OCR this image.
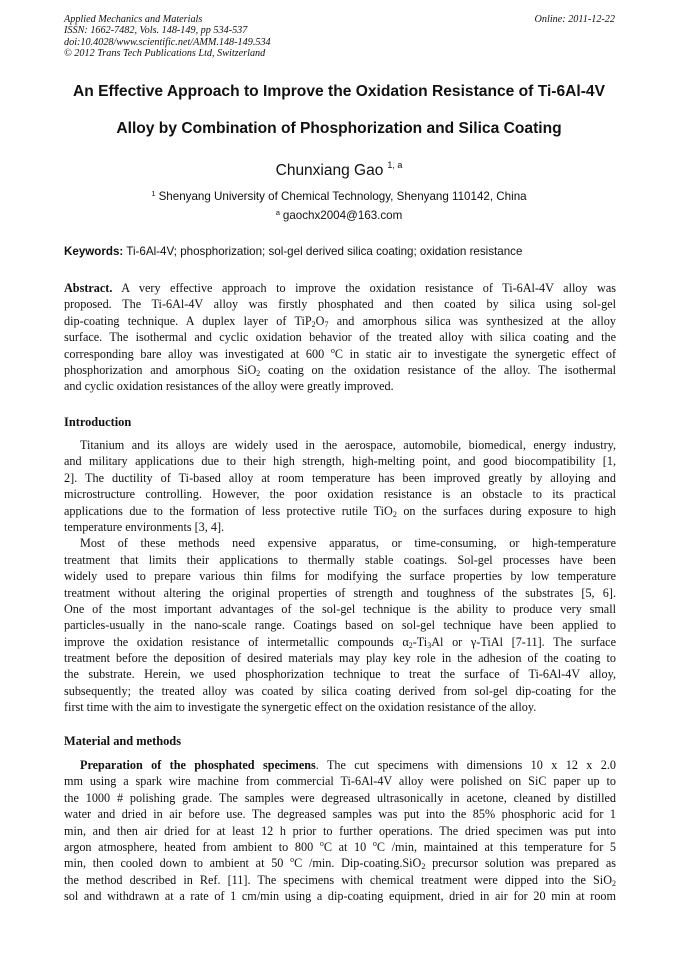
Applied Mechanics and Materials
ISSN: 1662-7482, Vols. 148-149, pp 534-537
doi:10.4028/www.scientific.net/AMM.148-149.534
© 2012 Trans Tech Publications Ltd, Switzerland
Online: 2011-12-22
An Effective Approach to Improve the Oxidation Resistance of Ti-6Al-4V
Alloy by Combination of Phosphorization and Silica Coating
Chunxiang Gao $^{1, a}$
$^1$ Shenyang University of Chemical Technology, Shenyang 110142, China
$^a$ gaochx2004@163.com
Keywords: Ti-6Al-4V; phosphorization; sol-gel derived silica coating; oxidation resistance
Abstract. A very effective approach to improve the oxidation resistance of Ti-6Al-4V alloy was
proposed. The Ti-6Al-4V alloy was firstly phosphated and then coated by silica using sol-gel
dip-coating technique. A duplex layer of $TiP_2O_7$ and amorphous silica was synthesized at the alloy
surface. The isothermal and cyclic oxidation behavior of the treated alloy with silica coating and the
corresponding bare alloy was investigated at 600 $^o$C in static air to investigate the synergetic effect of
phosphorization and amorphous SiO$_2$ coating on the oxidation resistance of the alloy. The isothermal
and cyclic oxidation resistances of the alloy were greatly improved.
Introduction
Titanium and its alloys are widely used in the aerospace, automobile, biomedical, energy industry,
and military applications due to their high strength, high-melting point, and good biocompatibility [1,
2]. The ductility of Ti-based alloy at room temperature has been improved greatly by alloying and
microstructure controlling. However, the poor oxidation resistance is an obstacle to its practical
applications due to the formation of less protective rutile TiO$_2$ on the surfaces during exposure to high
temperature environments [3, 4].
Most of these methods need expensive apparatus, or time-consuming, or high-temperature
treatment that limits their applications to thermally stable coatings. Sol-gel processes have been
widely used to prepare various thin films for modifying the surface properties by low temperature
treatment without altering the original properties of strength and toughness of the substrates [5, 6].
One of the most important advantages of the sol-gel technique is the ability to produce very small
particles-usually in the nano-scale range. Coatings based on sol-gel technique have been applied to
improve the oxidation resistance of intermetallic compounds $\alpha_2-Ti_3Al$ or γ-TiAl [7-11]. The surface
treatment before the deposition of desired materials may play key role in the adhesion of the coating to
the substrate. Herein, we used phosphorization technique to treat the surface of Ti-6Al-4V alloy,
subsequently; the treated alloy was coated by silica coating derived from sol-gel dip-coating for the
first time with the aim to investigate the synergetic effect on the oxidation resistance of the alloy.
Material and methods
Preparation of the phosphated specimens. The cut specimens with dimensions 10 x 12 x 2.0
mm using a spark wire machine from commercial Ti-6Al-4V alloy were polished on SiC paper up to
the 1000 # polishing grade. The samples were degreased ultrasonically in acetone, cleaned by distilled
water and dried in air before use. The degreased samples was put into the 85% phosphoric acid for 1
min, and then air dried for at least 12 h prior to further operations. The dried specimen was put into
argon atmosphere, heated from ambient to 800 $^o$C at 10 $^o$C /min, maintained at this temperature for 5
min, then cooled down to ambient at 50 $^o$C /min. Dip-coating.SiO$_2$ precursor solution was prepared as
the method described in Ref. [11]. The specimens with chemical treatment were dipped into the SiO$_2$
sol and withdrawn at a rate of 1 cm/min using a dip-coating equipment, dried in air for 20 min at room
